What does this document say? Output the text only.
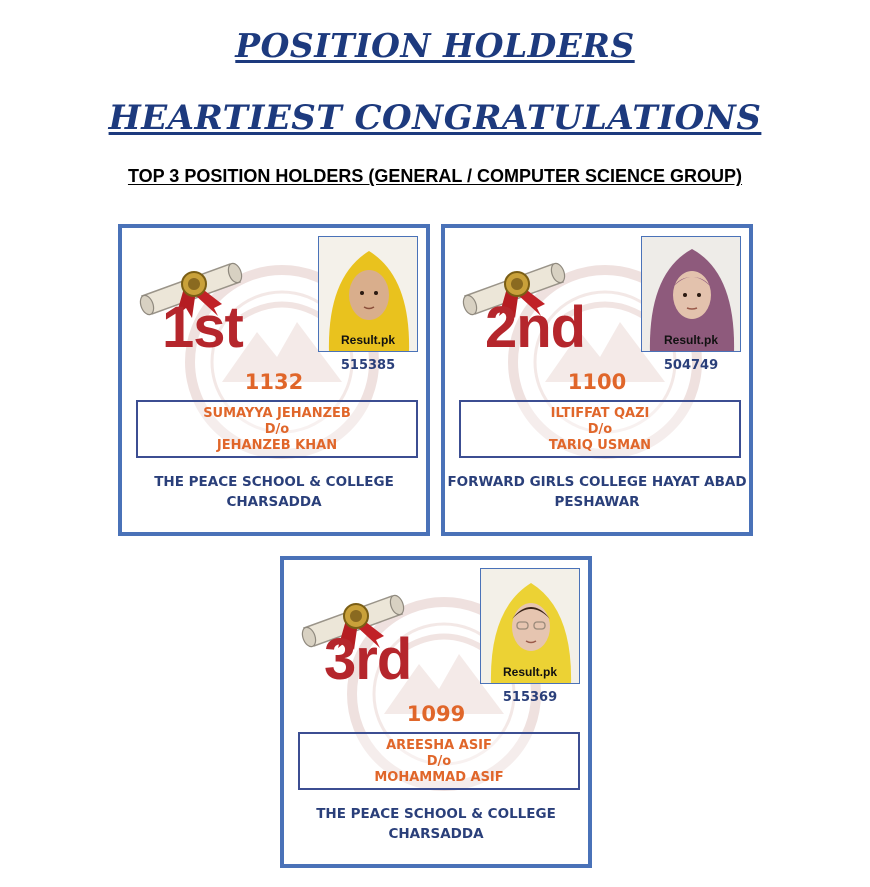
POSITION HOLDERS
HEARTIEST CONGRATULATIONS
TOP 3 POSITION HOLDERS (GENERAL / COMPUTER SCIENCE GROUP)
1st	Result.pk
515385
1132
SUMAYYA JEHANZEB
D/o
JEHANZEB KHAN
THE PEACE SCHOOL & COLLEGE
CHARSADDA
2nd	Result.pk
504749
1100
ILTIFFAT QAZI
D/o
TARIQ USMAN
FORWARD GIRLS COLLEGE HAYAT ABAD
PESHAWAR
3rd	Result.pk
515369
1099
AREESHA ASIF
D/o
MOHAMMAD ASIF
THE PEACE SCHOOL & COLLEGE
CHARSADDA
